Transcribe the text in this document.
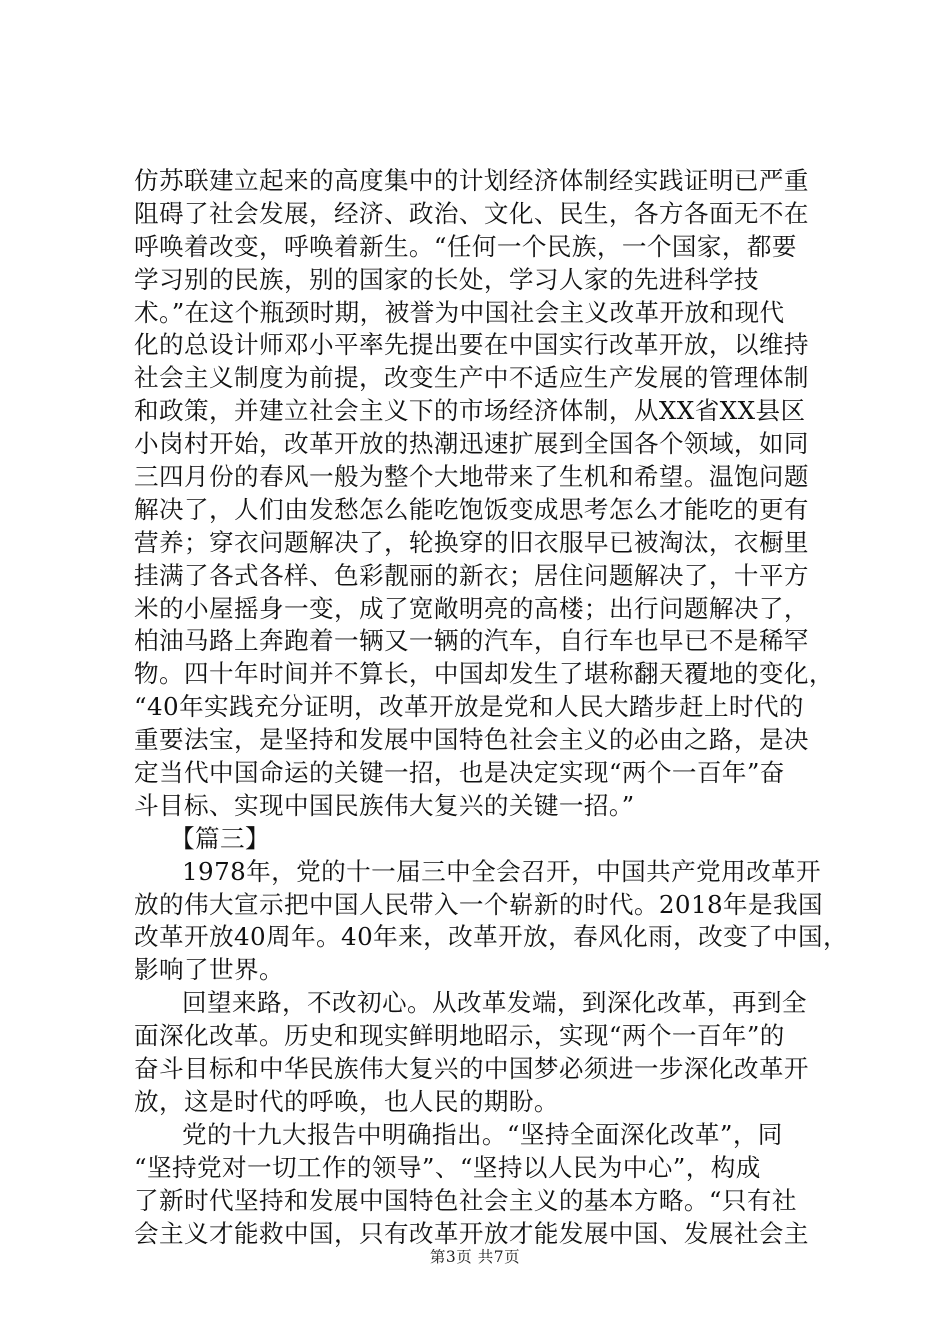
仿苏联建立起来的高度集中的计划经济体制经实践证明已严重
阻碍了社会发展，经济、政治、文化、民生，各方各面无不在
呼唤着改变，呼唤着新生。“任何一个民族，一个国家，都要
学习别的民族，别的国家的长处，学习人家的先进科学技
术。”在这个瓶颈时期，被誉为中国社会主义改革开放和现代
化的总设计师邓小平率先提出要在中国实行改革开放，以维持
社会主义制度为前提，改变生产中不适应生产发展的管理体制
和政策，并建立社会主义下的市场经济体制，从XX省XX县区
小岗村开始，改革开放的热潮迅速扩展到全国各个领域，如同
三四月份的春风一般为整个大地带来了生机和希望。温饱问题
解决了，人们由发愁怎么能吃饱饭变成思考怎么才能吃的更有
营养；穿衣问题解决了，轮换穿的旧衣服早已被淘汰，衣橱里
挂满了各式各样、色彩靓丽的新衣；居住问题解决了，十平方
米的小屋摇身一变，成了宽敞明亮的高楼；出行问题解决了，
柏油马路上奔跑着一辆又一辆的汽车，自行车也早已不是稀罕
物。四十年时间并不算长，中国却发生了堪称翻天覆地的变化，
“40年实践充分证明，改革开放是党和人民大踏步赶上时代的
重要法宝，是坚持和发展中国特色社会主义的必由之路，是决
定当代中国命运的关键一招，也是决定实现“两个一百年”奋
斗目标、实现中国民族伟大复兴的关键一招。”
【篇三】
1978年，党的十一届三中全会召开，中国共产党用改革开
放的伟大宣示把中国人民带入一个崭新的时代。2018年是我国
改革开放40周年。40年来，改革开放，春风化雨，改变了中国，
影响了世界。
回望来路，不改初心。从改革发端，到深化改革，再到全
面深化改革。历史和现实鲜明地昭示，实现“两个一百年”的
奋斗目标和中华民族伟大复兴的中国梦必须进一步深化改革开
放，这是时代的呼唤，也人民的期盼。
党的十九大报告中明确指出。“坚持全面深化改革”，同
“坚持党对一切工作的领导”、“坚持以人民为中心”，构成
了新时代坚持和发展中国特色社会主义的基本方略。“只有社
会主义才能救中国，只有改革开放才能发展中国、发展社会主
第3页 共7页
